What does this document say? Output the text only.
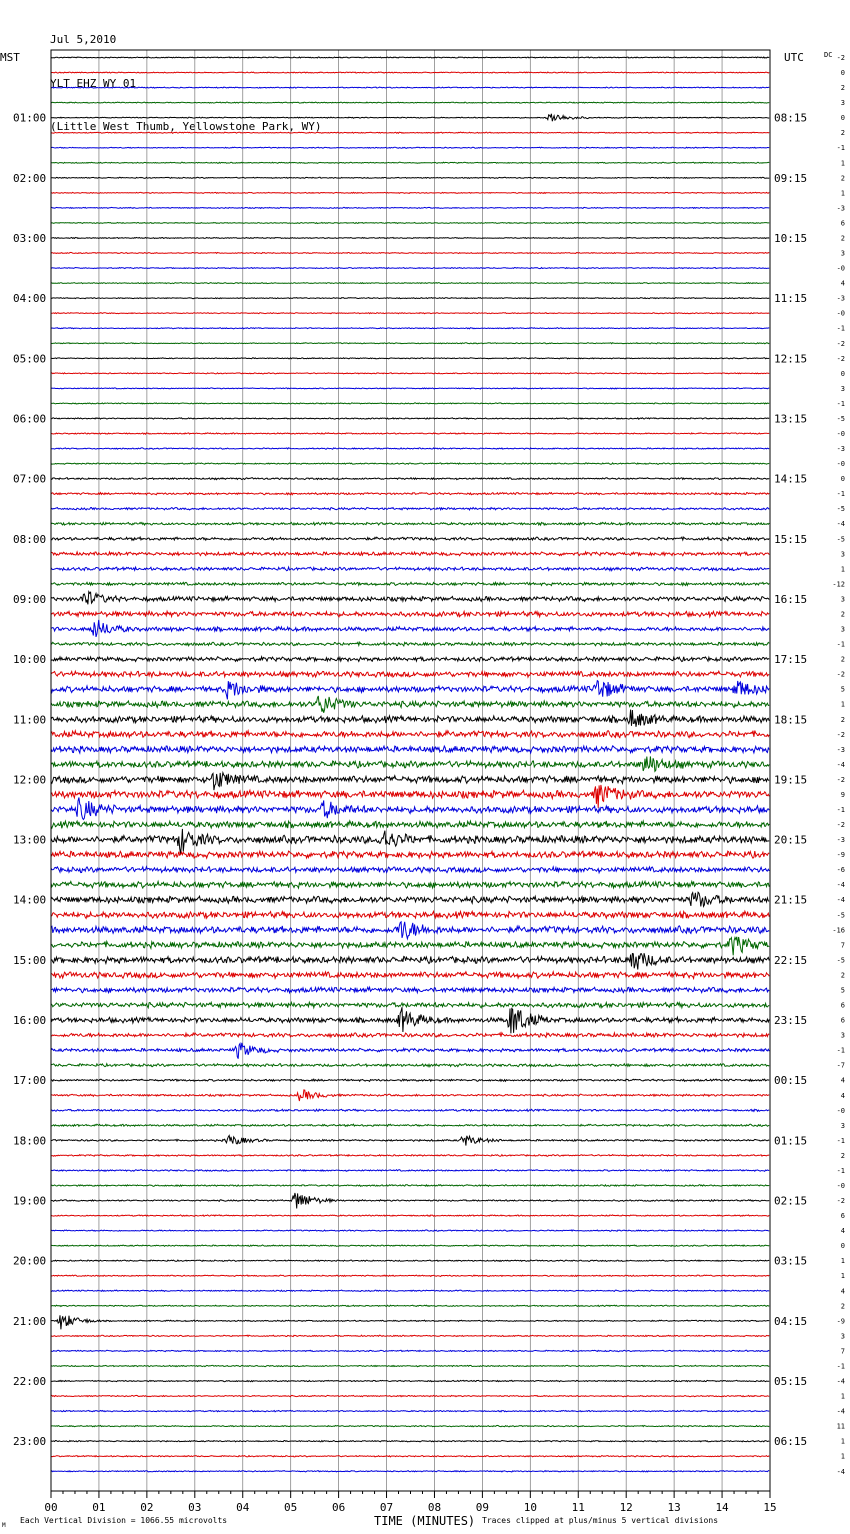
Jul 5,2010

YLT EHZ WY 01

(Little West Thumb, Yellowstone Park, WY)

01:00
02:00
03:00
04:00
05:00
06:00
07:00
08:00
09:00
10:00
11:00
12:00
13:00
14:00
15:00
16:00
17:00
18:00
19:00
20:00
21:00
22:00
23:00
08:15
09:15
10:15
11:15
12:15
13:15
14:15
15:15
16:15
17:15
18:15
19:15
20:15
21:15
22:15
23:15
00:15
01:15
02:15
03:15
04:15
05:15
06:15
-2
0
2
3
0
2
-1
1
2
1
-3
6
2
3
-0
4
-3
-0
-1
-2
-2
0
3
-1
-5
-0
-3
-0
0
-1
-5
-4
-5
3
1
-12
3
2
3
-1
2
-2
5
1
2
-2
-3
-4
-2
9
-1
-2
-3
-9
-6
-4
-4
-5
-16
7
-5
2
5
6
6
3
-1
-7
4
4
-0
3
-1
2
-1
-0
-2
6
4
0
1
1
4
2
-9
3
7
-1
-4
1
-4
11
1
1
-4
00	01	02	03	04	05	06	07	08	09	10	11	12	13	14	15
MST	UTC	DC
M
Each Vertical Division = 1066.55 microvolts	TIME (MINUTES) Traces clipped at plus/minus 5 vertical divisions
